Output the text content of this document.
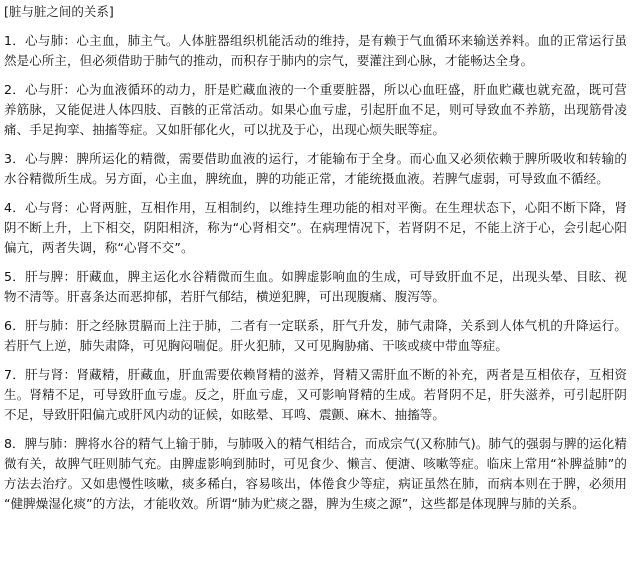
[脏与脏之间的关系]

1．心与肺：心主血，肺主气。人体脏器组织机能活动的维持，是有赖于气血循环来输送养料。血的正常运行虽然是心所主，但必须借助于肺气的推动，而积存于肺内的宗气，要灌注到心脉，才能畅达全身。

2．心与肝：心为血液循环的动力，肝是贮藏血液的一个重要脏器，所以心血旺盛，肝血贮藏也就充盈，既可营养筋脉，又能促进人体四肢、百骸的正常活动。如果心血亏虚，引起肝血不足，则可导致血不养筋，出现筋骨凌痛、手足拘挛、抽搐等症。又如肝郁化火，可以扰及于心，出现心烦失眠等症。

3．心与脾：脾所运化的精微，需要借助血液的运行，才能输布于全身。而心血又必须依赖于脾所吸收和转输的水谷精微所生成。另方面，心主血，脾统血，脾的功能正常，才能统摄血液。若脾气虚弱，可导致血不循经。

4．心与肾：心肾两脏，互相作用，互相制约，以维持生理功能的相对平衡。在生理状态下，心阳不断下降，肾阴不断上升，上下相交，阴阳相济，称为“心肾相交”。在病理情况下，若肾阴不足，不能上济于心，会引起心阳偏亢，两者失调，称“心肾不交”。

5．肝与脾：肝藏血，脾主运化水谷精微而生血。如脾虚影响血的生成，可导致肝血不足，出现头晕、目眩、视物不清等。肝喜条达而恶抑郁，若肝气郁结，横逆犯脾，可出现腹痛、腹泻等。

6．肝与肺：肝之经脉贯膈而上注于肺，二者有一定联系，肝气升发，肺气肃降，关系到人体气机的升降运行。若肝气上逆，肺失肃降，可见胸闷喘促。肝火犯肺，又可见胸胁痛、干咳或痰中带血等症。

7．肝与肾：肾藏精，肝藏血，肝血需要依赖肾精的滋养，肾精又需肝血不断的补充，两者是互相依存，互相资生。肾精不足，可导致肝血亏虚。反之，肝血亏虚，又可影响肾精的生成。若肾阴不足，肝失滋养，可引起肝阴不足，导致肝阳偏亢或肝风内动的证候，如眩晕、耳鸣、震颤、麻木、抽搐等。

8．脾与肺：脾将水谷的精气上输于肺，与肺吸入的精气相结合，而成宗气(又称肺气)。肺气的强弱与脾的运化精微有关，故脾气旺则肺气充。由脾虚影响到肺时，可见食少、懒言、便溏、咳嗽等症。临床上常用“补脾益肺”的方法去治疗。又如患慢性咳嗽，痰多稀白，容易咳出，体倦食少等症，病证虽然在肺，而病本则在于脾，必须用 “健脾燥湿化痰”的方法，才能收效。所谓“肺为贮痰之器，脾为生痰之源”，这些都是体现脾与肺的关系。
